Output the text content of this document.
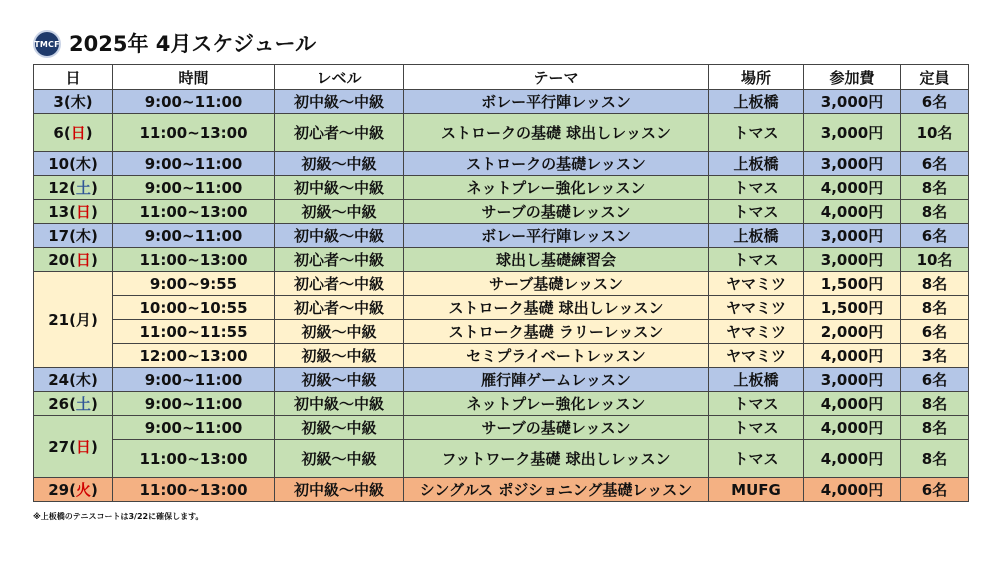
TMCF 2025年 4月スケジュール
日	時間	レベル	テーマ	場所	参加費	定員
3(木)	9:00~11:00	初中級～中級	ボレー平行陣レッスン	上板橋	3,000円	6名
6(日)	11:00~13:00	初心者～中級	ストロークの基礎 球出しレッスン	トマス	3,000円	10名
10(木)	9:00~11:00	初級～中級	ストロークの基礎レッスン	上板橋	3,000円	6名
12(土)	9:00~11:00	初中級～中級	ネットプレー強化レッスン	トマス	4,000円	8名
13(日)	11:00~13:00	初級～中級	サーブの基礎レッスン	トマス	4,000円	8名
17(木)	9:00~11:00	初中級～中級	ボレー平行陣レッスン	上板橋	3,000円	6名
20(日)	11:00~13:00	初心者～中級	球出し基礎練習会	トマス	3,000円	10名
21(月)	9:00~9:55	初心者～中級	サーブ基礎レッスン	ヤマミツ	1,500円	8名
	10:00~10:55	初心者～中級	ストローク基礎 球出しレッスン	ヤマミツ	1,500円	8名
	11:00~11:55	初級～中級	ストローク基礎 ラリーレッスン	ヤマミツ	2,000円	6名
	12:00~13:00	初級～中級	セミプライベートレッスン	ヤマミツ	4,000円	3名
24(木)	9:00~11:00	初級～中級	雁行陣ゲームレッスン	上板橋	3,000円	6名
26(土)	9:00~11:00	初中級～中級	ネットプレー強化レッスン	トマス	4,000円	8名
27(日)	9:00~11:00	初級～中級	サーブの基礎レッスン	トマス	4,000円	8名
	11:00~13:00	初級～中級	フットワーク基礎 球出しレッスン	トマス	4,000円	8名
29(火)	11:00~13:00	初中級～中級	シングルス ポジショニング基礎レッスン	MUFG	4,000円	6名
※上板橋のテニスコートは3/22に確保します。
